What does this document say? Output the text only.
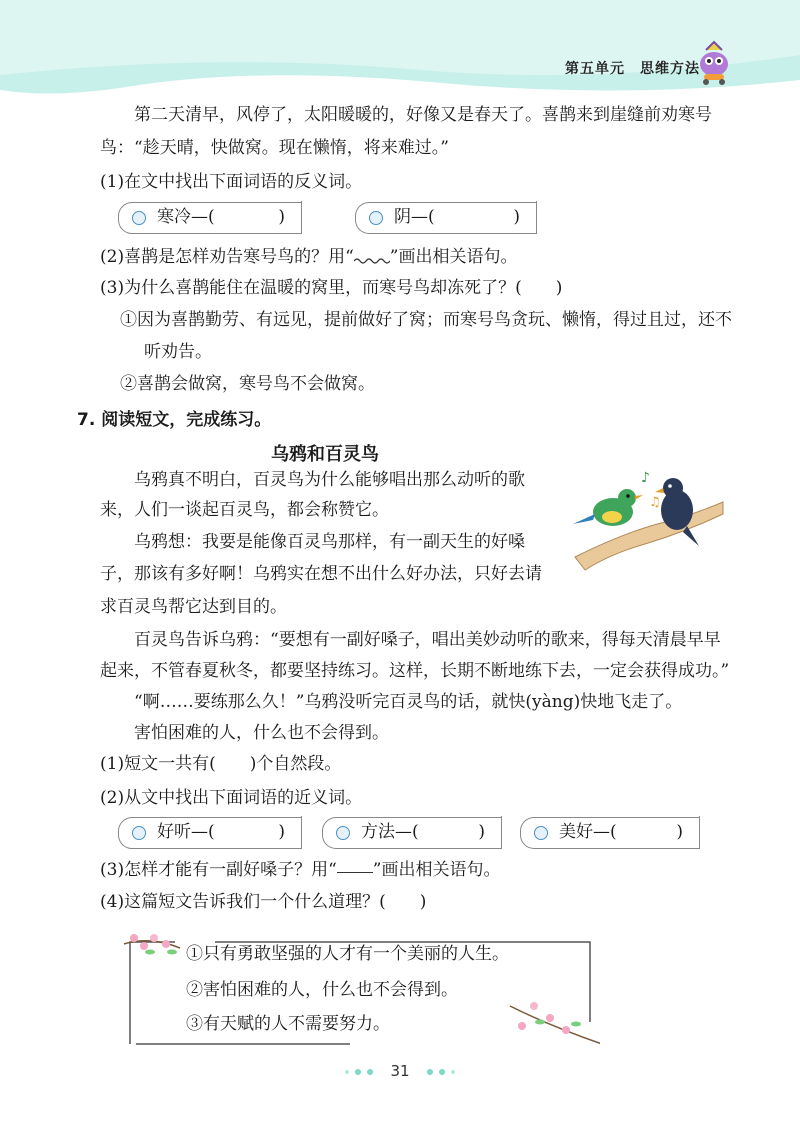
第五单元　思维方法
　　第二天清早，风停了，太阳暖暖的，好像又是春天了。喜鹊来到崖缝前劝寒号
鸟：“趁天晴，快做窝。现在懒惰，将来难过。”
(1)在文中找出下面词语的反义词。
寒冷—(	)	阴—(	)
(2)喜鹊是怎样劝告寒号鸟的？用“ ”画出相关语句。
(3)为什么喜鹊能住在温暖的窝里，而寒号鸟却冻死了？(　　)
①因为喜鹊勤劳、有远见，提前做好了窝；而寒号鸟贪玩、懒惰，得过且过，还不
听劝告。
②喜鹊会做窝，寒号鸟不会做窝。
7. 阅读短文，完成练习。
乌鸦和百灵鸟
乌鸦真不明白，百灵鸟为什么能够唱出那么动听的歌
来，人们一谈起百灵鸟，都会称赞它。
乌鸦想：我要是能像百灵鸟那样，有一副天生的好嗓
子，那该有多好啊！乌鸦实在想不出什么好办法，只好去请
求百灵鸟帮它达到目的。
♪
♫
百灵鸟告诉乌鸦：“要想有一副好嗓子，唱出美妙动听的歌来，得每天清晨早早
起来，不管春夏秋冬，都要坚持练习。这样，长期不断地练下去，一定会获得成功。”
“啊……要练那么久！”乌鸦没听完百灵鸟的话，就快(yàng)快地飞走了。
害怕困难的人，什么也不会得到。
(1)短文一共有(　　)个自然段。
(2)从文中找出下面词语的近义词。
好听—(	)	方法—(	)	美好—(	)
(3)怎样才能有一副好嗓子？用“ ”画出相关语句。
(4)这篇短文告诉我们一个什么道理？(　　)
①只有勇敢坚强的人才有一个美丽的人生。
②害怕困难的人，什么也不会得到。
③有天赋的人不需要努力。
31
